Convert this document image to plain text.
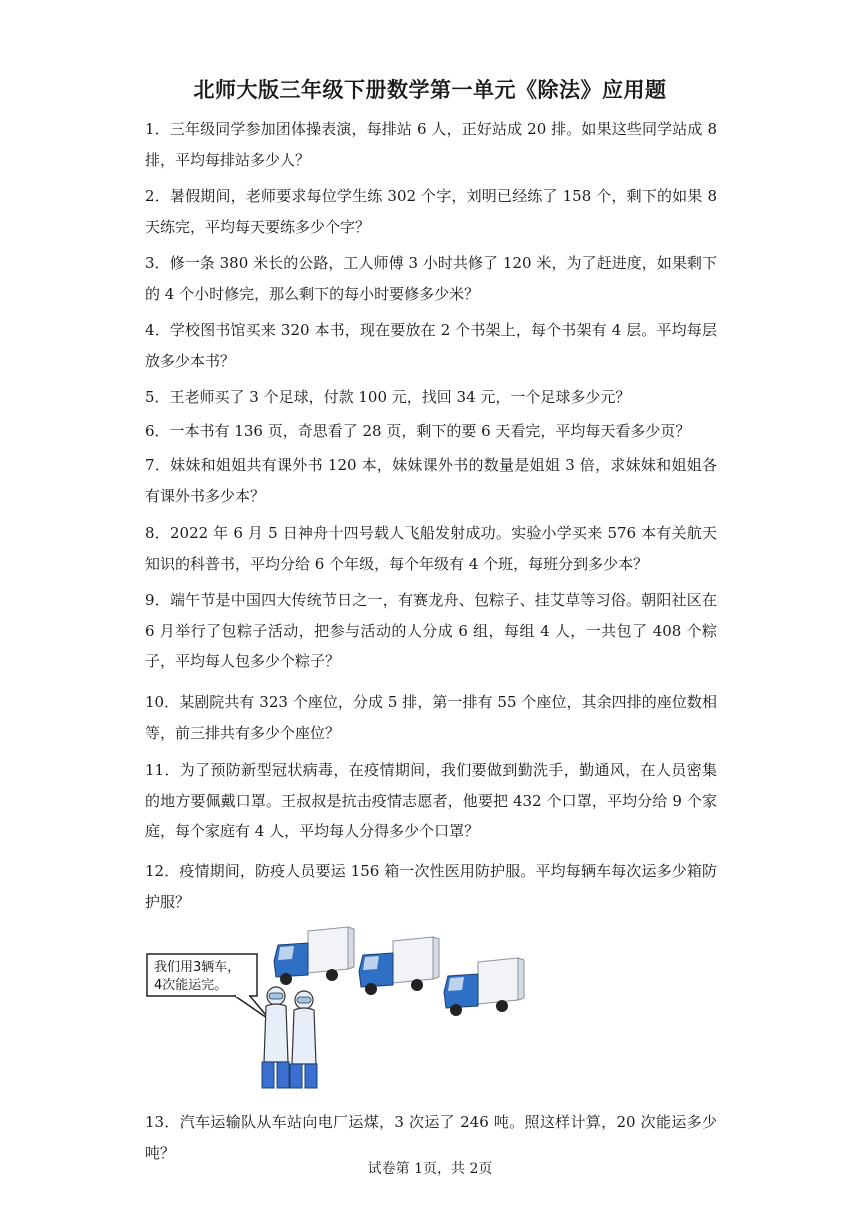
北师大版三年级下册数学第一单元《除法》应用题

1．三年级同学参加团体操表演，每排站 6 人，正好站成 20 排。如果这些同学站成 8 排，平均每排站多少人？

2．暑假期间，老师要求每位学生练 302 个字，刘明已经练了 158 个，剩下的如果 8 天练完，平均每天要练多少个字？

3．修一条 380 米长的公路，工人师傅 3 小时共修了 120 米，为了赶进度，如果剩下的 4 个小时修完，那么剩下的每小时要修多少米？

4．学校图书馆买来 320 本书，现在要放在 2 个书架上，每个书架有 4 层。平均每层放多少本书？

5．王老师买了 3 个足球，付款 100 元，找回 34 元，一个足球多少元？

6．一本书有 136 页，奇思看了 28 页，剩下的要 6 天看完，平均每天看多少页？

7．妹妹和姐姐共有课外书 120 本，妹妹课外书的数量是姐姐 3 倍，求妹妹和姐姐各有课外书多少本？

8．2022 年 6 月 5 日神舟十四号载人飞船发射成功。实验小学买来 576 本有关航天知识的科普书，平均分给 6 个年级，每个年级有 4 个班，每班分到多少本？

9．端午节是中国四大传统节日之一，有赛龙舟、包粽子、挂艾草等习俗。朝阳社区在 6 月举行了包粽子活动，把参与活动的人分成 6 组，每组 4 人，一共包了 408 个粽子，平均每人包多少个粽子？

10．某剧院共有 323 个座位，分成 5 排，第一排有 55 个座位，其余四排的座位数相等，前三排共有多少个座位？

11．为了预防新型冠状病毒，在疫情期间，我们要做到勤洗手，勤通风，在人员密集的地方要佩戴口罩。王叔叔是抗击疫情志愿者，他要把 432 个口罩，平均分给 9 个家庭，每个家庭有 4 人，平均每人分得多少个口罩？

12．疫情期间，防疫人员要运 156 箱一次性医用防护服。平均每辆车每次运多少箱防护服？

我们用3辆车，
4次能运完。

13．汽车运输队从车站向电厂运煤，3 次运了 246 吨。照这样计算，20 次能运多少吨？

试卷第 1页，共 2页
